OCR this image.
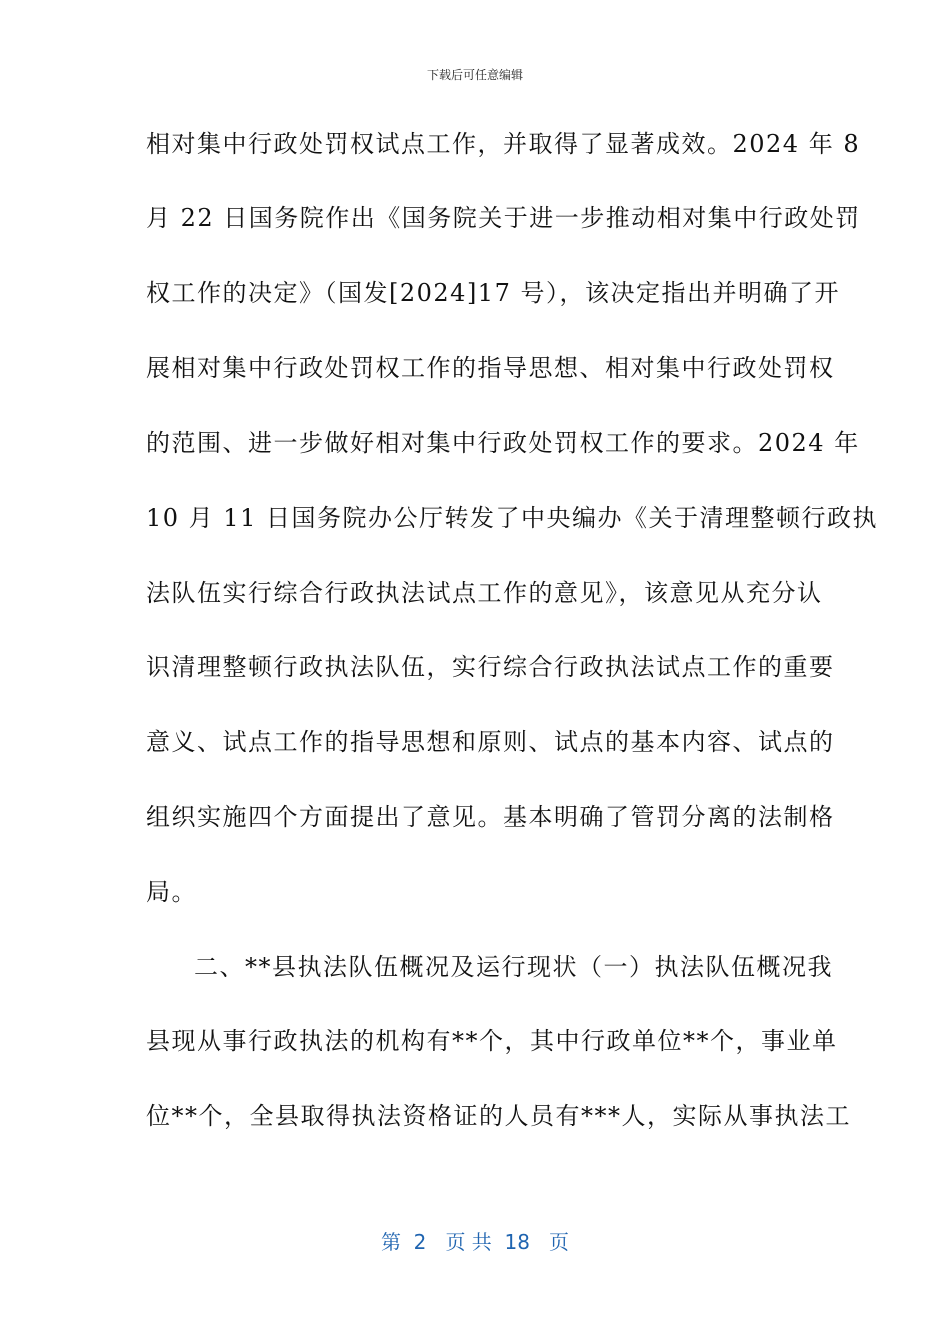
下载后可任意编辑
相对集中行政处罚权试点工作，并取得了显著成效。2024 年 8
月 22 日国务院作出《国务院关于进一步推动相对集中行政处罚
权工作的决定》（国发[2024]17 号），该决定指出并明确了开
展相对集中行政处罚权工作的指导思想、相对集中行政处罚权
的范围、进一步做好相对集中行政处罚权工作的要求。2024 年
10 月 11 日国务院办公厅转发了中央编办《关于清理整顿行政执
法队伍实行综合行政执法试点工作的意见》，该意见从充分认
识清理整顿行政执法队伍，实行综合行政执法试点工作的重要
意义、试点工作的指导思想和原则、试点的基本内容、试点的
组织实施四个方面提出了意见。基本明确了管罚分离的法制格
局。
二、**县执法队伍概况及运行现状（一）执法队伍概况我
县现从事行政执法的机构有**个，其中行政单位**个，事业单
位**个，全县取得执法资格证的人员有***人，实际从事执法工
第  2   页 共  18   页
